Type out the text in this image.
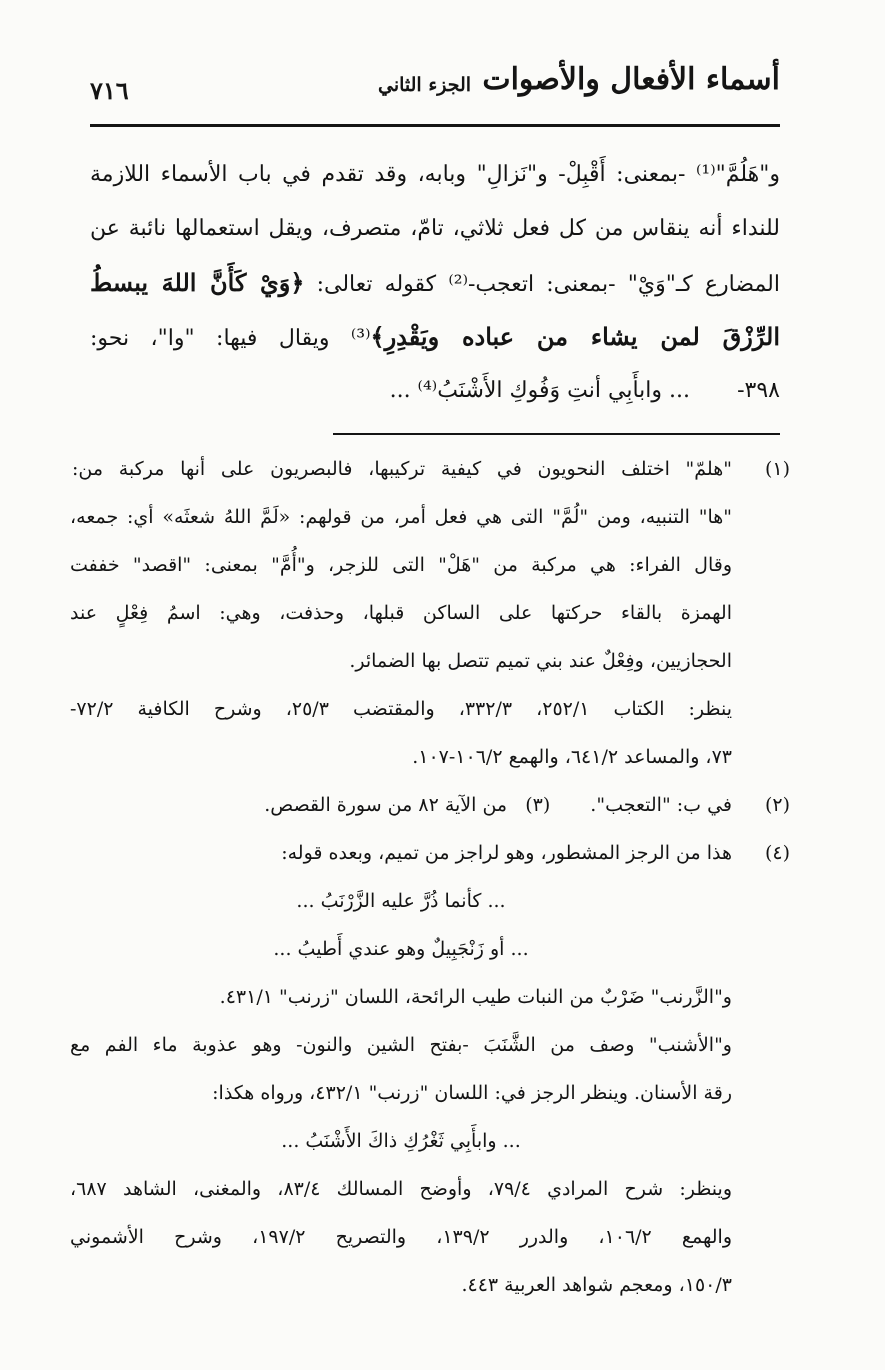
أسماء الأفعال والأصوات
الجزء الثاني
٧١٦
و"هَلُمَّ"⁽¹⁾ -بمعنى: أَقْبِلْ- و"نَزالِ" وبابه، وقد تقدم في باب الأسماء اللازمة
للنداء أنه ينقاس من كل فعل ثلاثي، تامّ، متصرف، ويقل استعمالها نائبة عن
المضارع كـ"وَيْ" -بمعنى: اتعجب-⁽²⁾ كقوله تعالى: ﴿وَيْ كَأَنَّ اللهَ يبسطُ
الرِّزْقَ لمن يشاء من عباده ويَقْدِرِ﴾⁽³⁾ ويقال فيها: "وا"، نحو:
٣٩٨-... وابأَبِي أنتِ وَفُوكِ الأَشْنَبُ⁽⁴⁾ ...
(١)"هلمّ" اختلف النحويون في كيفية تركيبها، فالبصريون على أنها مركبة من:
"ها" التنبيه، ومن "لُمَّ" التى هي فعل أمر، من قولهم: «لَمَّ اللهُ شعثَه» أي: جمعه،
وقال الفراء: هي مركبة من "هَلْ" التى للزجر، و"أُمَّ" بمعنى: "اقصد" خففت
الهمزة بالقاء حركتها على الساكن قبلها، وحذفت، وهي: اسمُ فِعْلٍ عند
الحجازيين، وفِعْلٌ عند بني تميم تتصل بها الضمائر.
ينظر: الكتاب ٢٥٢/١، ٣٣٢/٣، والمقتضب ٢٥/٣، وشرح الكافية ٧٢/٢-
٧٣، والمساعد ٦٤١/٢، والهمع ١٠٦/٢-١٠٧.
(٢)في ب: "التعجب".(٣)   من الآية ٨٢ من سورة القصص.
(٤)هذا من الرجز المشطور، وهو لراجز من تميم، وبعده قوله:
... كأنما ذُرَّ عليه الزَّرْنَبُ ...
... أو زَنْجَبِيلٌ وهو عندي أَطيبُ ...
و"الزَّرنب" ضَرْبٌ من النبات طيب الرائحة، اللسان "زرنب" ٤٣١/١.
و"الأشنب" وصف من الشَّنَبَ -بفتح الشين والنون- وهو عذوبة ماء الفم مع
رقة الأسنان. وينظر الرجز في: اللسان "زرنب" ٤٣٢/١، ورواه هكذا:
... وابأَبِي ثَغْرُكِ ذاكَ الأَشْنَبُ ...
وينظر: شرح المرادي ٧٩/٤، وأوضح المسالك ٨٣/٤، والمغنى، الشاهد ٦٨٧،
والهمع ١٠٦/٢، والدرر ١٣٩/٢، والتصريح ١٩٧/٢، وشرح الأشموني
١٥٠/٣، ومعجم شواهد العربية ٤٤٣.
